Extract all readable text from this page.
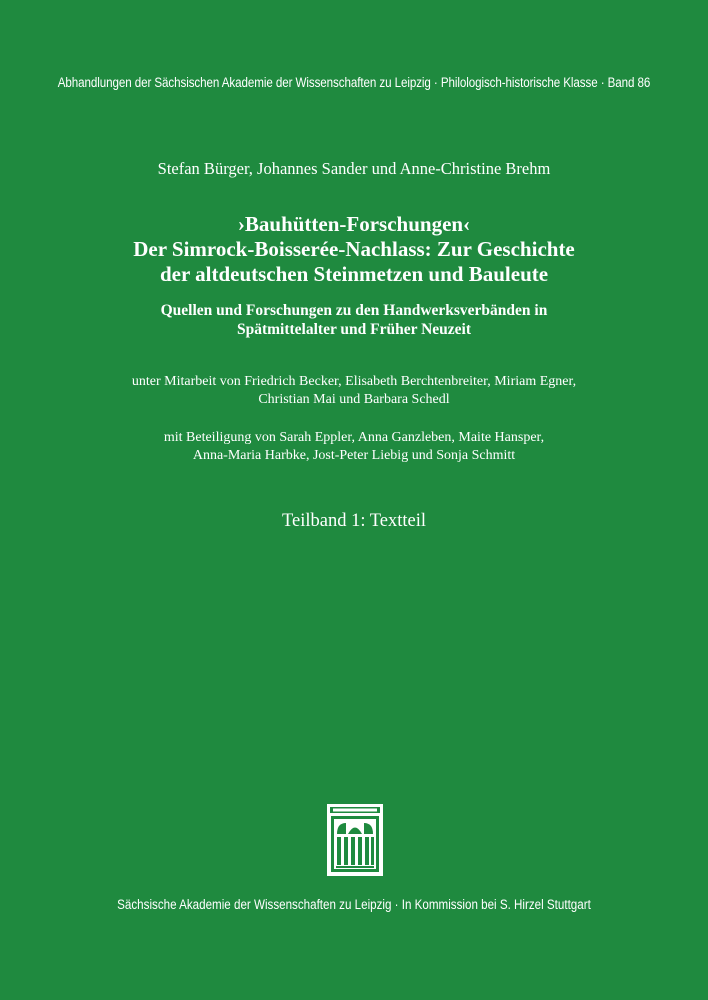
Abhandlungen der Sächsischen Akademie der Wissenschaften zu Leipzig · Philologisch-historische Klasse · Band 86
Stefan Bürger, Johannes Sander und Anne-Christine Brehm
›Bauhütten-Forschungen‹
Der Simrock-Boisserée-Nachlass: Zur Geschichte
der altdeutschen Steinmetzen und Bauleute
Quellen und Forschungen zu den Handwerksverbänden in
Spätmittelalter und Früher Neuzeit
unter Mitarbeit von Friedrich Becker, Elisabeth Berchtenbreiter, Miriam Egner,
Christian Mai und Barbara Schedl
mit Beteiligung von Sarah Eppler, Anna Ganzleben, Maite Hansper,
Anna-Maria Harbke, Jost-Peter Liebig und Sonja Schmitt
Teilband 1: Textteil
Sächsische Akademie der Wissenschaften zu Leipzig · In Kommission bei S. Hirzel Stuttgart
